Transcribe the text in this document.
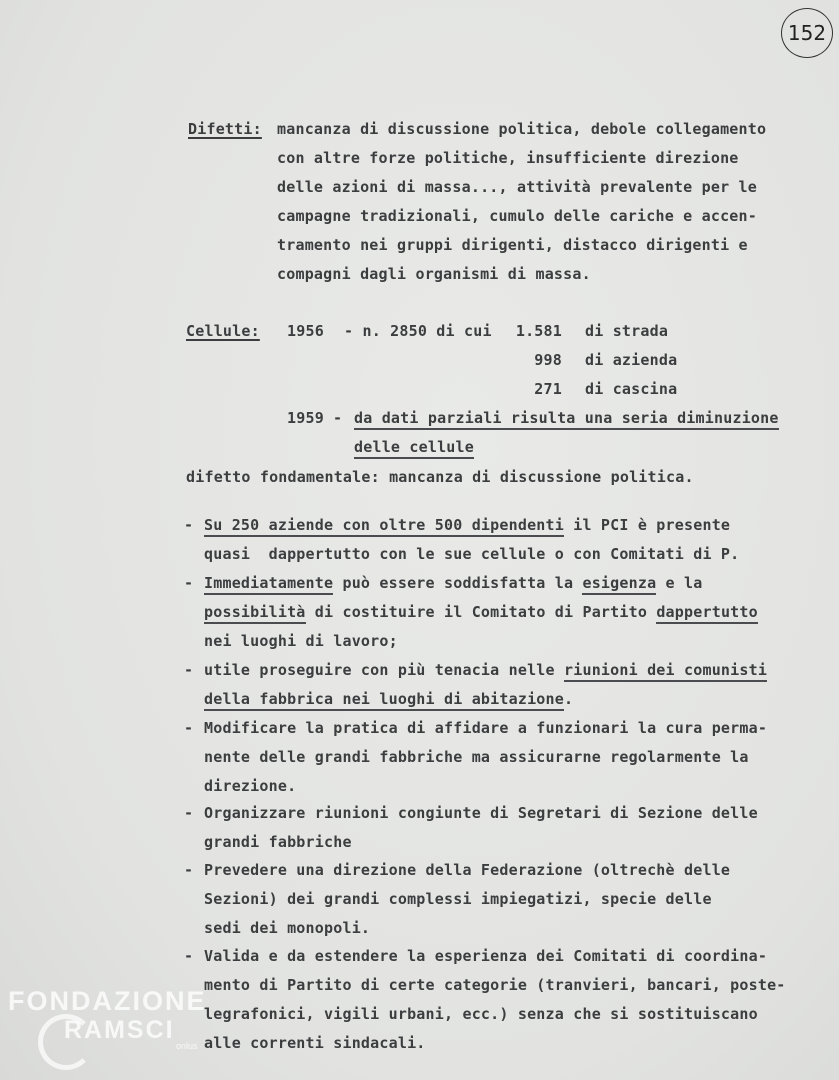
152
Difetti: mancanza di discussione politica, debole collegamento
con altre forze politiche, insufficiente direzione
delle azioni di massa..., attività prevalente per le
campagne tradizionali, cumulo delle cariche e accen-
tramento nei gruppi dirigenti, distacco dirigenti e
compagni dagli organismi di massa.
Cellule: 1956 - n. 2850 di cui 1.581 di strada
998 di azienda
271 di cascina
1959 - da dati parziali risulta una seria diminuzione
delle cellule
difetto fondamentale: mancanza di discussione politica.
- Su 250 aziende con oltre 500 dipendenti il PCI è presente
quasi  dappertutto con le sue cellule o con Comitati di P.
- Immediatamente può essere soddisfatta la esigenza e la
possibilità di costituire il Comitato di Partito dappertutto
nei luoghi di lavoro;
- utile proseguire con più tenacia nelle riunioni dei comunisti
della fabbrica nei luoghi di abitazione.
- Modificare la pratica di affidare a funzionari la cura perma-
nente delle grandi fabbriche ma assicurarne regolarmente la
direzione.
- Organizzare riunioni congiunte di Segretari di Sezione delle
grandi fabbriche
- Prevedere una direzione della Federazione (oltrechè delle
Sezioni) dei grandi complessi impiegatizi, specie delle
sedi dei monopoli.
- Valida e da estendere la esperienza dei Comitati di coordina-
mento di Partito di certe categorie (tranvieri, bancari, poste-
legrafonici, vigili urbani, ecc.) senza che si sostituiscano
alle correnti sindacali.
FONDAZIONE
RAMSCI
onlus
